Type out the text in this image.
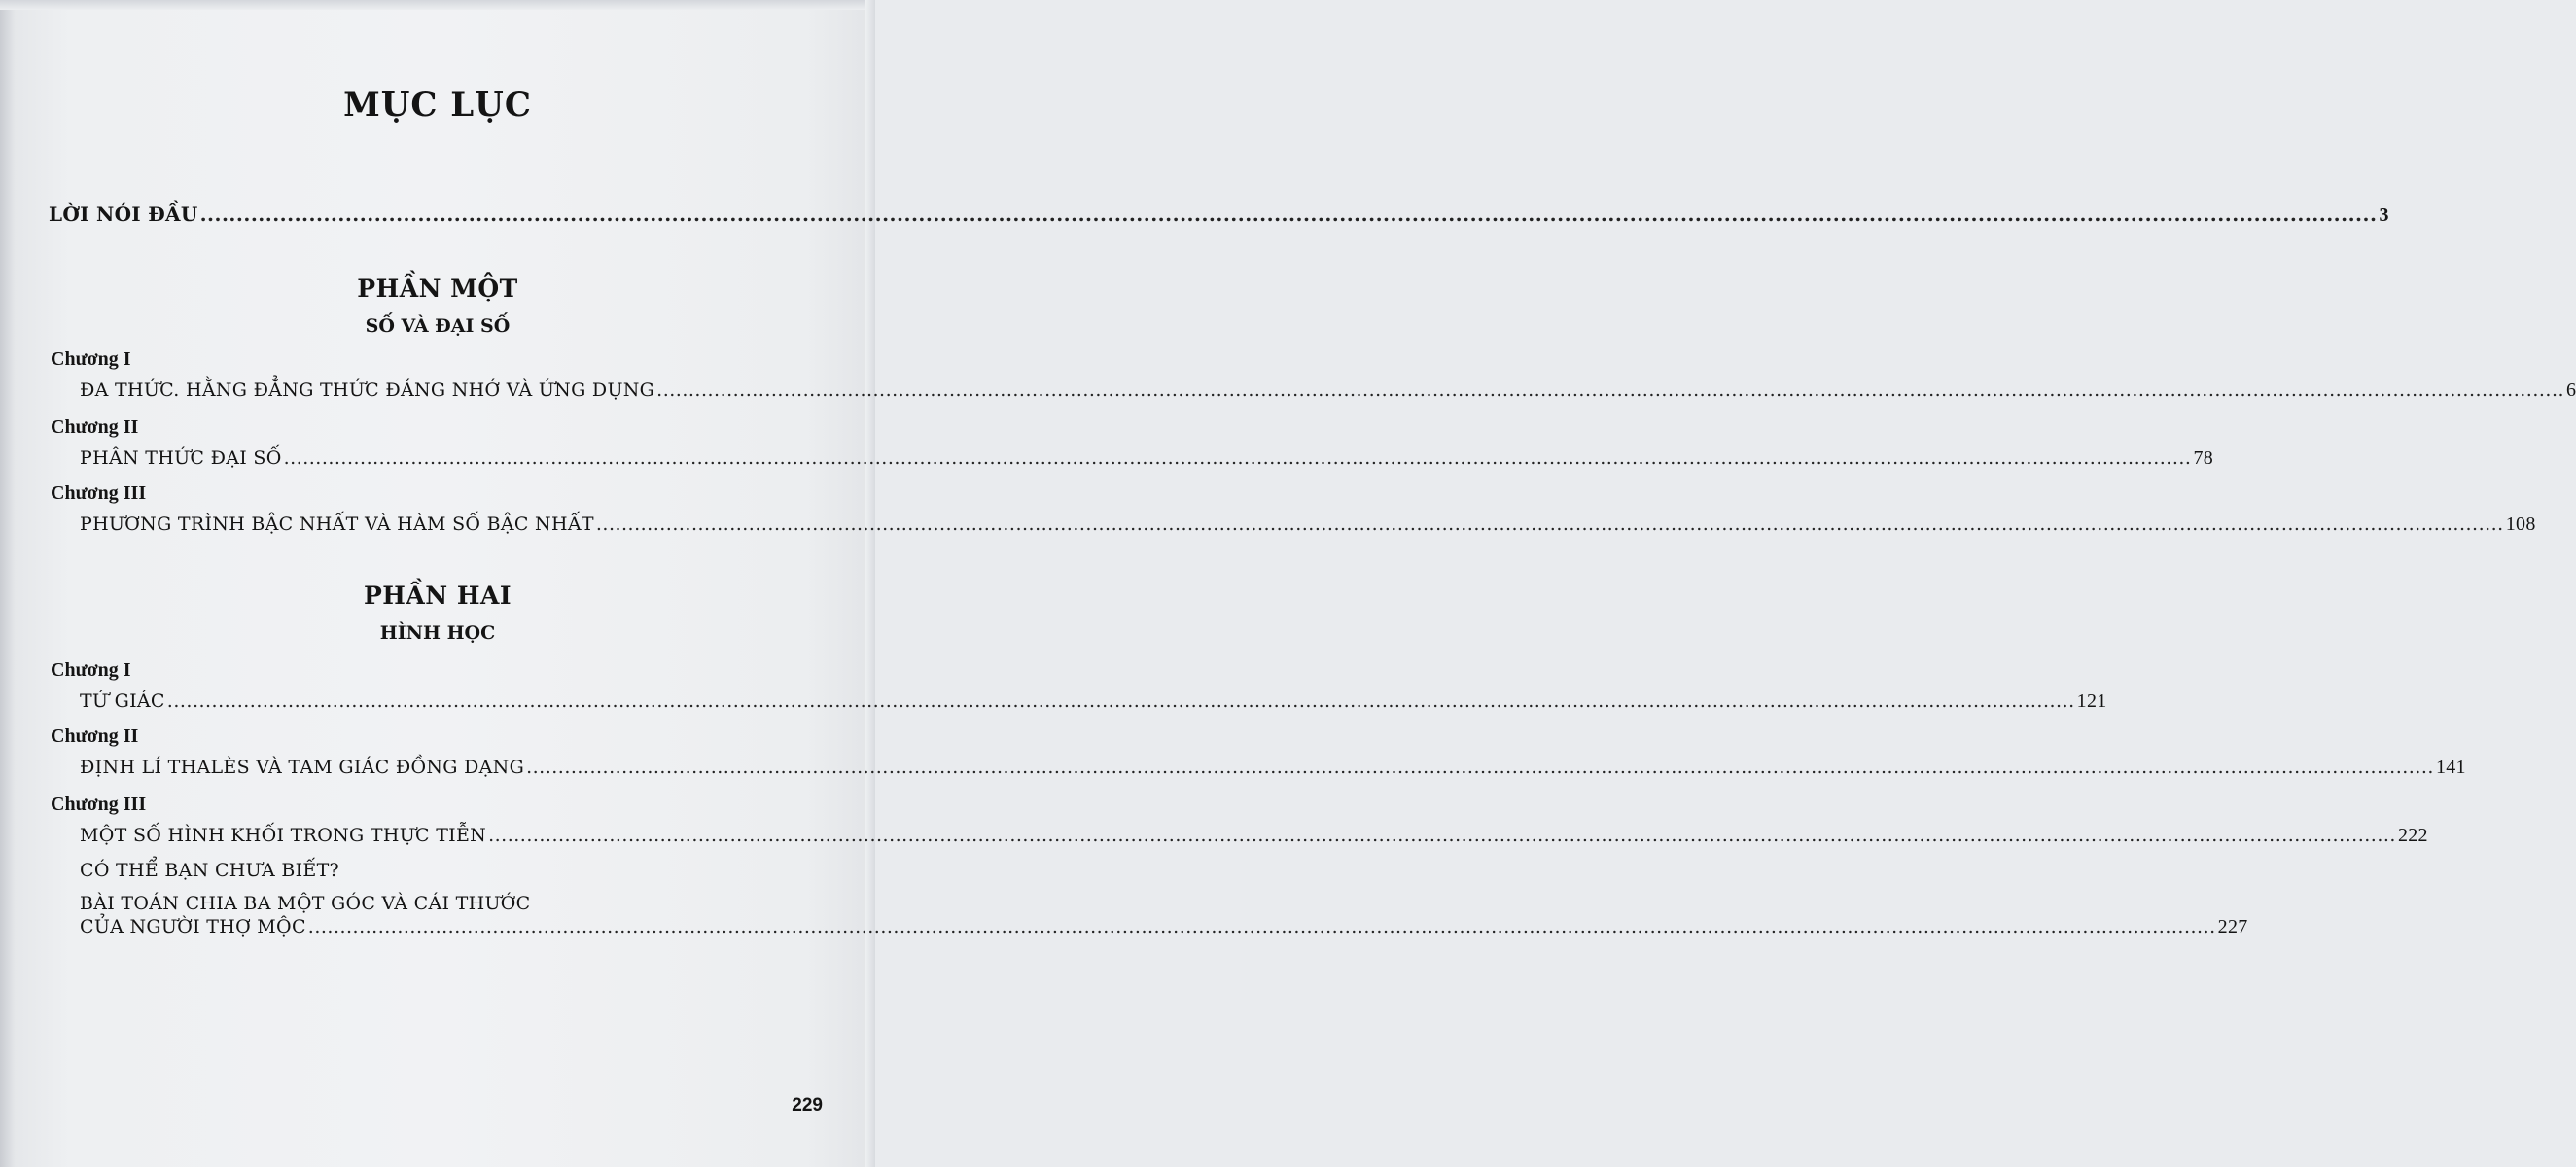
MỤC LỤC
LỜI NÓI ĐẦU ............................................................................................................................................................................................................................................................................................................ 3
PHẦN MỘT
SỐ VÀ ĐẠI SỐ
Chương I
ĐA THỨC. HẰNG ĐẲNG THỨC ĐÁNG NHỚ VÀ ỨNG DỤNG ............................................................................................................................................................................................................................................................................................................ 6
Chương II
PHÂN THỨC ĐẠI SỐ ............................................................................................................................................................................................................................................................................................................ 78
Chương III
PHƯƠNG TRÌNH BẬC NHẤT VÀ HÀM SỐ BẬC NHẤT ............................................................................................................................................................................................................................................................................................................ 108
PHẦN HAI
HÌNH HỌC
Chương I
TỨ GIÁC ............................................................................................................................................................................................................................................................................................................ 121
Chương II
ĐỊNH LÍ THALÈS VÀ TAM GIÁC ĐỒNG DẠNG ............................................................................................................................................................................................................................................................................................................ 141
Chương III
MỘT SỐ HÌNH KHỐI TRONG THỰC TIỄN ............................................................................................................................................................................................................................................................................................................ 222
CÓ THỂ BẠN CHƯA BIẾT?
BÀI TOÁN CHIA BA MỘT GÓC VÀ CÁI THƯỚC
CỦA NGƯỜI THỢ MỘC ............................................................................................................................................................................................................................................................................................................ 227
229
